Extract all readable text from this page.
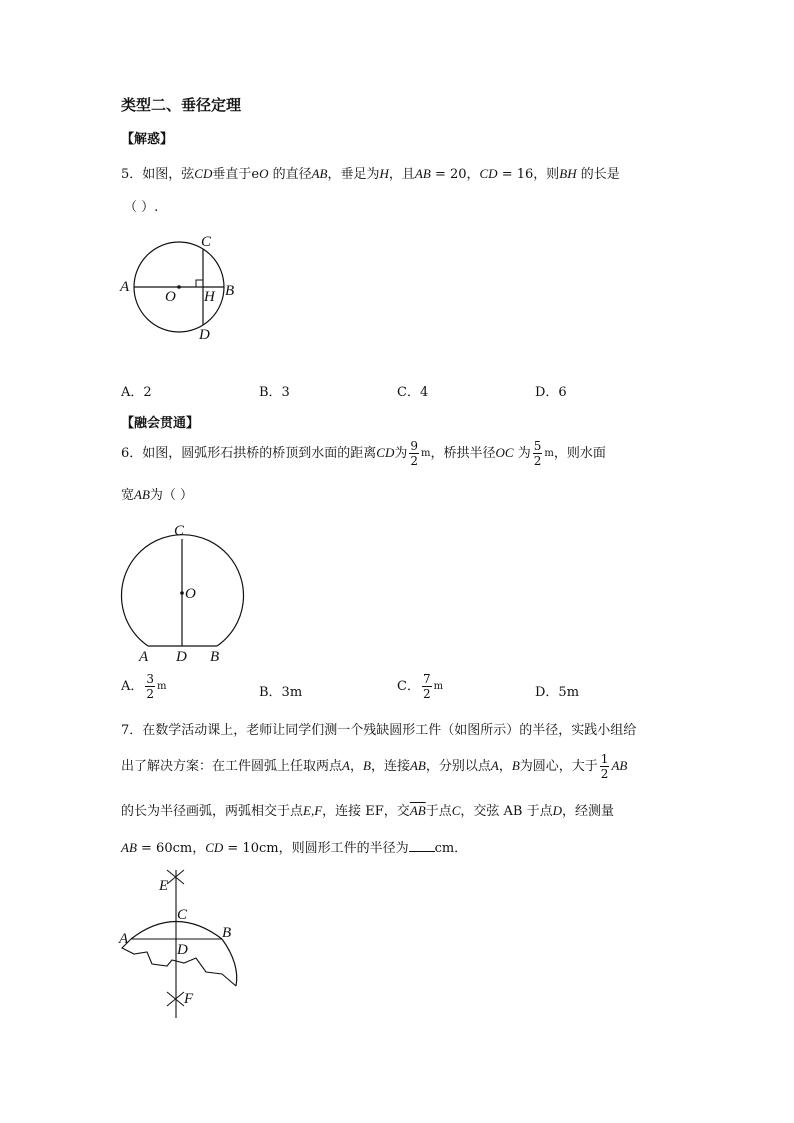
类型二、垂径定理
【解惑】
5．如图，弦CD垂直于eO 的直径AB，垂足为H，且AB = 20，CD = 16，则BH 的长是
（ ）.
A	B
C
D
O H
A．2	B．3	C．4	D．6
【融会贯通】
6．如图，圆弧形石拱桥的桥顶到水面的距离CD为 $\frac{9}{2}$ m，桥拱半径OC 为 $\frac{5}{2}$ m，则水面
宽AB为（ ）
C
O
A D B
A． $\frac{3}{2}$ m	B．3m	C． $\frac{7}{2}$ m	D．5m
7．在数学活动课上，老师让同学们测一个残缺圆形工件（如图所示）的半径，实践小组给
出了解决方案：在工件圆弧上任取两点A，B，连接AB，分别以点A，B为圆心，大于 $\frac{1}{2}$ AB
的长为半径画弧，两弧相交于点E,F，连接 EF，交$\overline{AB}$于点C，交弦 AB 于点D，经测量
AB = 60cm，CD = 10cm，则圆形工件的半径为 cm．
E
C
A	B
D
F
